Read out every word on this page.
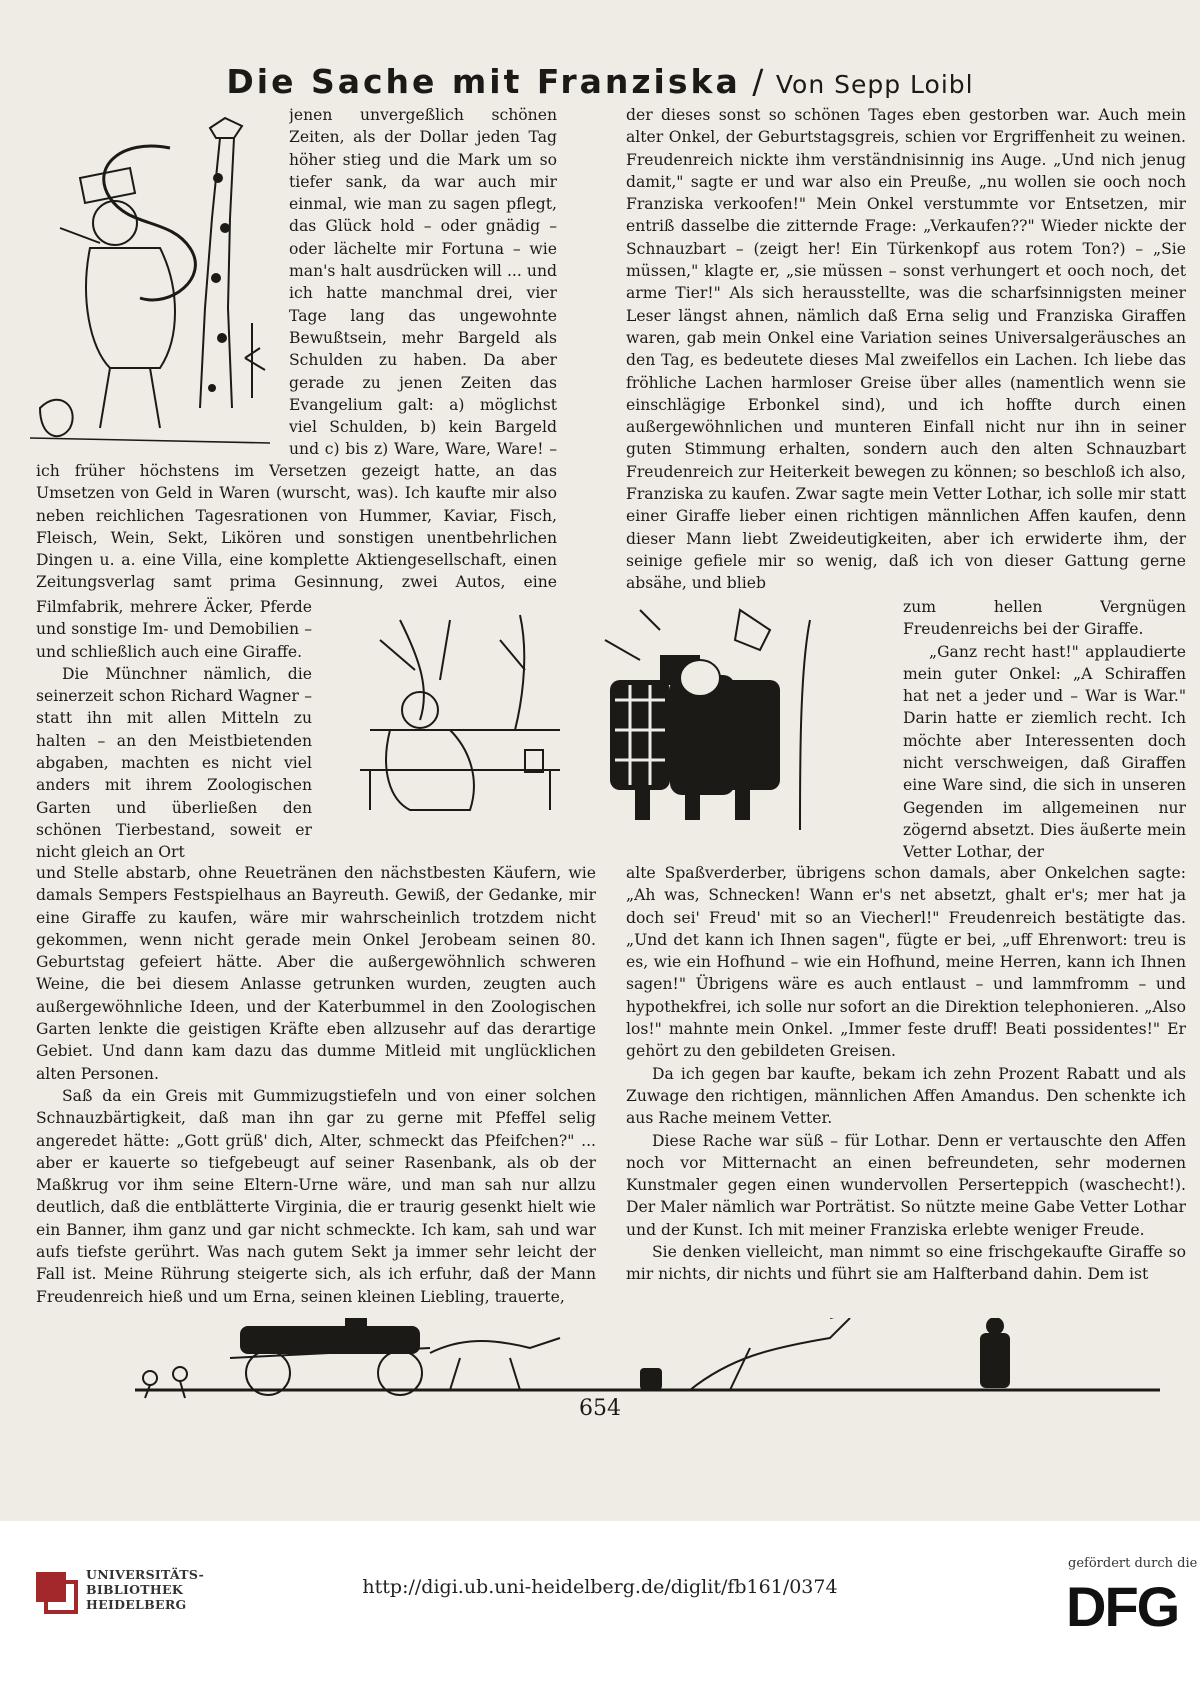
Die Sache mit Franziska / Von Sepp Loibl

jenen unvergeßlich schönen Zeiten, als der Dollar jeden Tag höher stieg und die Mark um so tiefer sank, da war auch mir einmal, wie man zu sagen pflegt, das Glück hold – oder gnädig – oder lächelte mir Fortuna – wie man's halt ausdrücken will ... und ich hatte manchmal drei, vier Tage lang das ungewohnte Bewußtsein, mehr Bargeld als Schulden zu haben. Da aber gerade zu jenen Zeiten das Evangelium galt: a) möglichst viel Schulden, b) kein Bargeld und c) bis z) Ware, Ware, Ware! –

ich früher höchstens im Versetzen gezeigt hatte, an das Umsetzen von Geld in Waren (wurscht, was). Ich kaufte mir also neben reichlichen Tagesrationen von Hummer, Kaviar, Fisch, Fleisch, Wein, Sekt, Likören und sonstigen unentbehrlichen Dingen u. a. eine Villa, eine komplette Aktiengesellschaft, einen Zeitungsverlag samt prima Gesinnung, zwei Autos, eine

Filmfabrik, mehrere Äcker, Pferde und sonstige Im- und Demobilien – und schließlich auch eine Giraffe.

Die Münchner nämlich, die seinerzeit schon Richard Wagner – statt ihn mit allen Mitteln zu halten – an den Meistbietenden abgaben, machten es nicht viel anders mit ihrem Zoologischen Garten und überließen den schönen Tierbestand, soweit er nicht gleich an Ort

und Stelle abstarb, ohne Reuetränen den nächstbesten Käufern, wie damals Sempers Festspielhaus an Bayreuth. Gewiß, der Gedanke, mir eine Giraffe zu kaufen, wäre mir wahrscheinlich trotzdem nicht gekommen, wenn nicht gerade mein Onkel Jerobeam seinen 80. Geburtstag gefeiert hätte. Aber die außergewöhnlich schweren Weine, die bei diesem Anlasse getrunken wurden, zeugten auch außergewöhnliche Ideen, und der Katerbummel in den Zoologischen Garten lenkte die geistigen Kräfte eben allzusehr auf das derartige Gebiet. Und dann kam dazu das dumme Mitleid mit unglücklichen alten Personen.

Saß da ein Greis mit Gummizugstiefeln und von einer solchen Schnauzbärtigkeit, daß man ihn gar zu gerne mit Pfeffel selig angeredet hätte: „Gott grüß' dich, Alter, schmeckt das Pfeifchen?" ... aber er kauerte so tiefgebeugt auf seiner Rasenbank, als ob der Maßkrug vor ihm seine Eltern-Urne wäre, und man sah nur allzu deutlich, daß die entblätterte Virginia, die er traurig gesenkt hielt wie ein Banner, ihm ganz und gar nicht schmeckte. Ich kam, sah und war aufs tiefste gerührt. Was nach gutem Sekt ja immer sehr leicht der Fall ist. Meine Rührung steigerte sich, als ich erfuhr, daß der Mann Freudenreich hieß und um Erna, seinen kleinen Liebling, trauerte,

der dieses sonst so schönen Tages eben gestorben war. Auch mein alter Onkel, der Geburtstagsgreis, schien vor Ergriffenheit zu weinen. Freudenreich nickte ihm verständnisinnig ins Auge. „Und nich jenug damit," sagte er und war also ein Preuße, „nu wollen sie ooch noch Franziska verkoofen!" Mein Onkel verstummte vor Entsetzen, mir entriß dasselbe die zitternde Frage: „Verkaufen??" Wieder nickte der Schnauzbart – (zeigt her! Ein Türkenkopf aus rotem Ton?) – „Sie müssen," klagte er, „sie müssen – sonst verhungert et ooch noch, det arme Tier!" Als sich herausstellte, was die scharfsinnigsten meiner Leser längst ahnen, nämlich daß Erna selig und Franziska Giraffen waren, gab mein Onkel eine Variation seines Universalgeräusches an den Tag, es bedeutete dieses Mal zweifellos ein Lachen. Ich liebe das fröhliche Lachen harmloser Greise über alles (namentlich wenn sie einschlägige Erbonkel sind), und ich hoffte durch einen außergewöhnlichen und munteren Einfall nicht nur ihn in seiner guten Stimmung erhalten, sondern auch den alten Schnauzbart Freudenreich zur Heiterkeit bewegen zu können; so beschloß ich also, Franziska zu kaufen. Zwar sagte mein Vetter Lothar, ich solle mir statt einer Giraffe lieber einen richtigen männlichen Affen kaufen, denn dieser Mann liebt Zweideutigkeiten, aber ich erwiderte ihm, der seinige gefiele mir so wenig, daß ich von dieser Gattung gerne absähe, und blieb

zum hellen Vergnügen Freudenreichs bei der Giraffe.

„Ganz recht hast!" applaudierte mein guter Onkel: „A Schiraffen hat net a jeder und – War is War." Darin hatte er ziemlich recht. Ich möchte aber Interessenten doch nicht verschweigen, daß Giraffen eine Ware sind, die sich in unseren Gegenden im allgemeinen nur zögernd absetzt. Dies äußerte mein Vetter Lothar, der

alte Spaßverderber, übrigens schon damals, aber Onkelchen sagte: „Ah was, Schnecken! Wann er's net absetzt, ghalt er's; mer hat ja doch sei' Freud' mit so an Viecherl!" Freudenreich bestätigte das. „Und det kann ich Ihnen sagen", fügte er bei, „uff Ehrenwort: treu is es, wie ein Hofhund – wie ein Hofhund, meine Herren, kann ich Ihnen sagen!" Übrigens wäre es auch entlaust – und lammfromm – und hypothekfrei, ich solle nur sofort an die Direktion telephonieren. „Also los!" mahnte mein Onkel. „Immer feste druff! Beati possidentes!" Er gehört zu den gebildeten Greisen.

Da ich gegen bar kaufte, bekam ich zehn Prozent Rabatt und als Zuwage den richtigen, männlichen Affen Amandus. Den schenkte ich aus Rache meinem Vetter.

Diese Rache war süß – für Lothar. Denn er vertauschte den Affen noch vor Mitternacht an einen befreundeten, sehr modernen Kunstmaler gegen einen wundervollen Perserteppich (waschecht!). Der Maler nämlich war Porträtist. So nützte meine Gabe Vetter Lothar und der Kunst. Ich mit meiner Franziska erlebte weniger Freude.

Sie denken vielleicht, man nimmt so eine frischgekaufte Giraffe so mir nichts, dir nichts und führt sie am Halfterband dahin. Dem ist

654
UNIVERSITÄTS-
BIBLIOTHEK
HEIDELBERG
http://digi.ub.uni-heidelberg.de/diglit/fb161/0374
gefördert durch die
DFG
